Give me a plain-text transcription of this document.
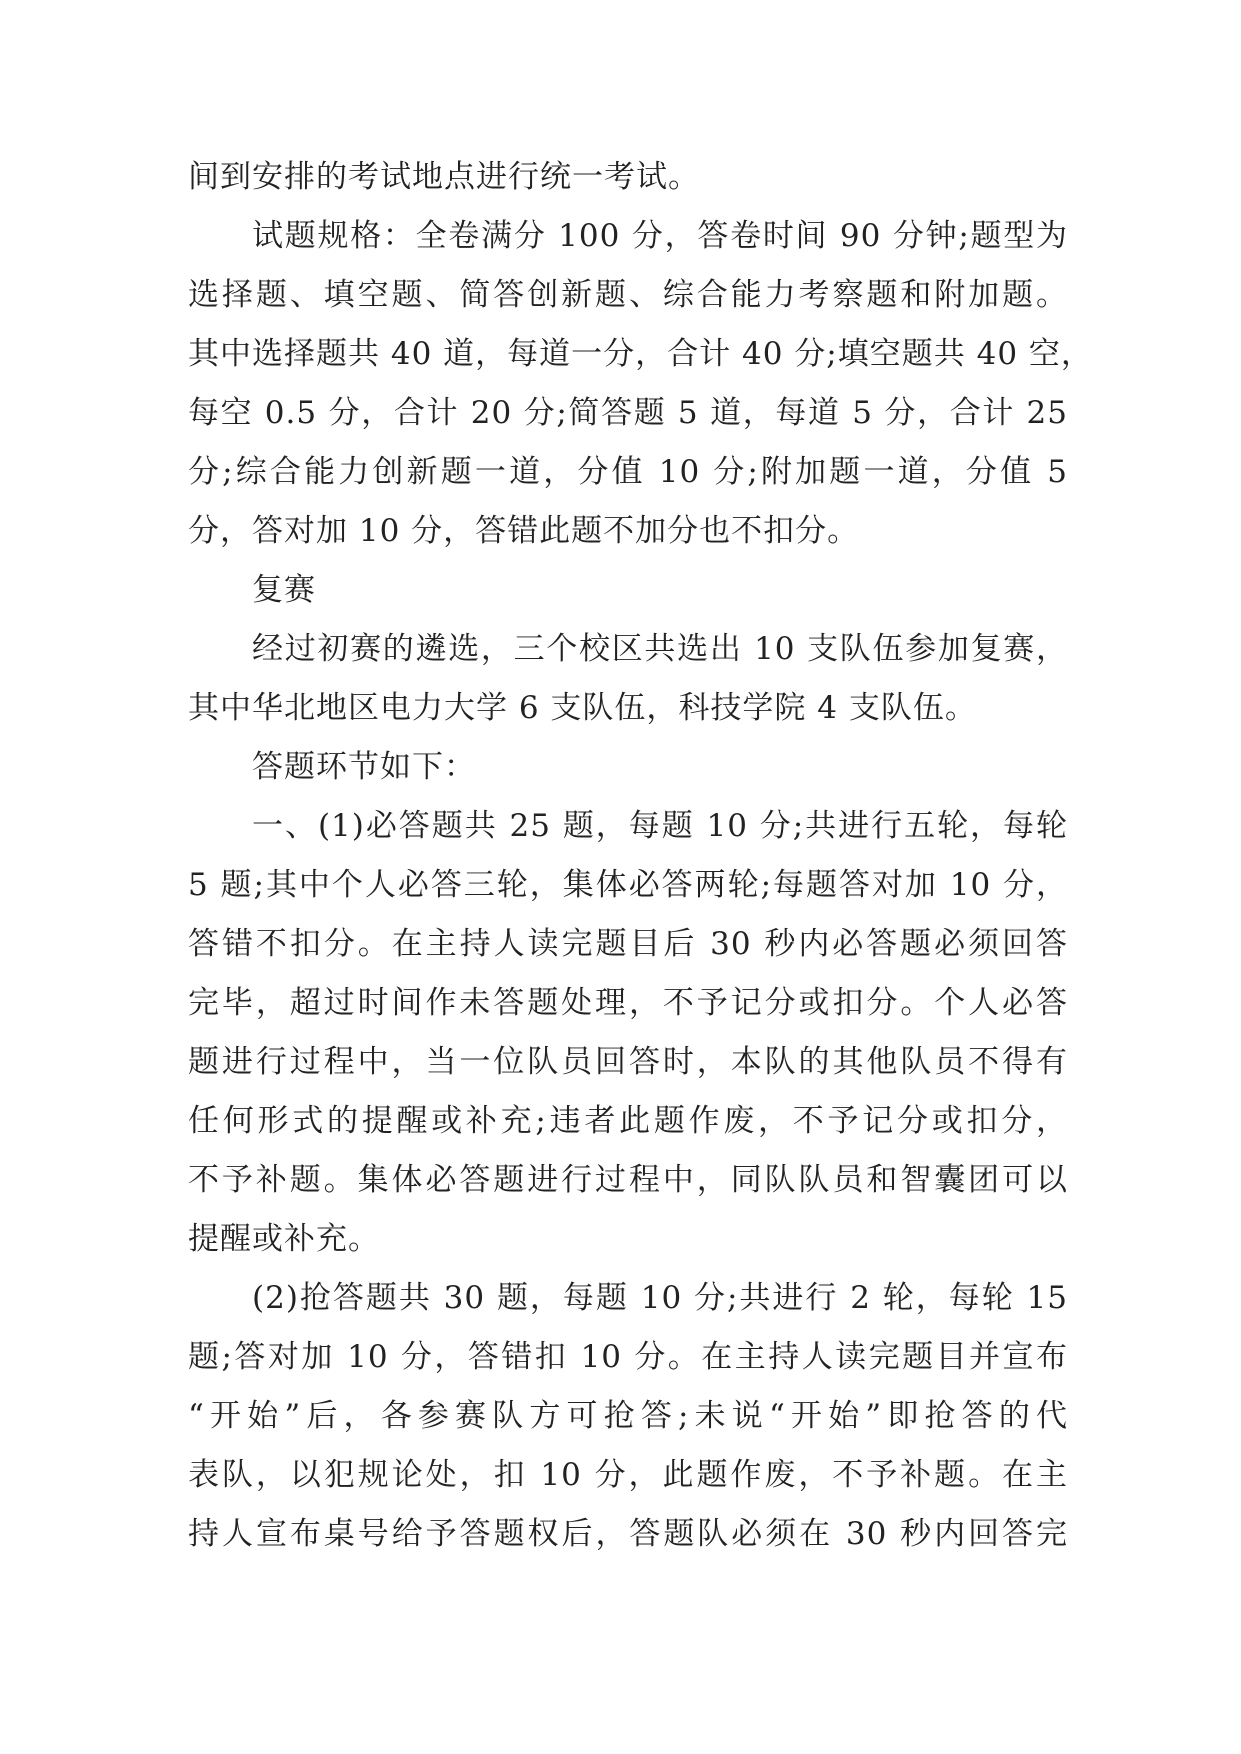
间到安排的考试地点进行统一考试。

试题规格：全卷满分 100 分，答卷时间 90 分钟;题型为
选择题、填空题、简答创新题、综合能力考察题和附加题。
其中选择题共 40 道，每道一分，合计 40 分;填空题共 40 空，
每空 0.5 分，合计 20 分;简答题 5 道，每道 5 分，合计 25
分;综合能力创新题一道，分值 10 分;附加题一道，分值 5
分，答对加 10 分，答错此题不加分也不扣分。

复赛

经过初赛的遴选，三个校区共选出 10 支队伍参加复赛，
其中华北地区电力大学 6 支队伍，科技学院 4 支队伍。

答题环节如下：

一、(1)必答题共 25 题，每题 10 分;共进行五轮，每轮
5 题;其中个人必答三轮，集体必答两轮;每题答对加 10 分，
答错不扣分。在主持人读完题目后 30 秒内必答题必须回答
完毕，超过时间作未答题处理，不予记分或扣分。个人必答
题进行过程中，当一位队员回答时，本队的其他队员不得有
任何形式的提醒或补充;违者此题作废，不予记分或扣分，
不予补题。集体必答题进行过程中，同队队员和智囊团可以
提醒或补充。

(2)抢答题共 30 题，每题 10 分;共进行 2 轮，每轮 15
题;答对加 10 分，答错扣 10 分。在主持人读完题目并宣布
“开始”后，各参赛队方可抢答;未说“开始”即抢答的代
表队，以犯规论处，扣 10 分，此题作废，不予补题。在主
持人宣布桌号给予答题权后，答题队必须在 30 秒内回答完
